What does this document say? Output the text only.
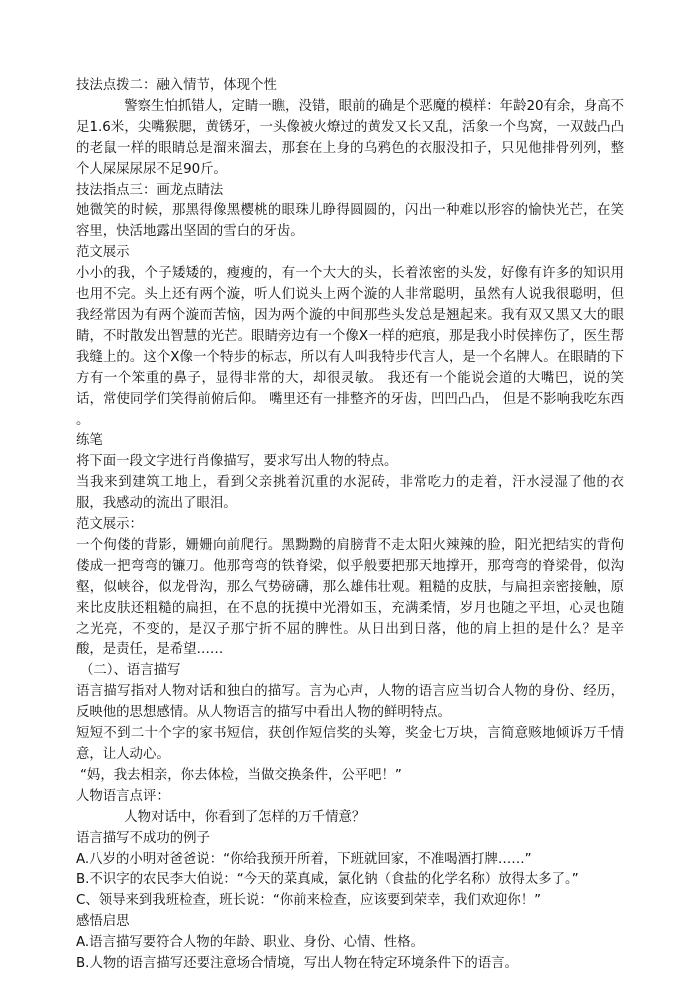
技法点拨二：融入情节，体现个性

警察生怕抓错人，定睛一瞧，没错，眼前的确是个恶魔的模样：年龄20有余，身高不足1.6米，尖嘴猴腮，黄锈牙，一头像被火燎过的黄发又长又乱，活象一个鸟窝，一双鼓凸凸的老鼠一样的眼睛总是溜来溜去，那套在上身的乌鸦色的衣服没扣子，只见他排骨列列，整个人屎屎尿尿不足90斤。

技法指点三：画龙点睛法

她微笑的时候，那黑得像黑樱桃的眼珠儿睁得圆圆的，闪出一种难以形容的愉快光芒，在笑容里，快活地露出坚固的雪白的牙齿。

范文展示

小小的我，个子矮矮的，瘦瘦的，有一个大大的头，长着浓密的头发，好像有许多的知识用也用不完。头上还有两个漩，听人们说头上两个漩的人非常聪明，虽然有人说我很聪明，但我经常因为有两个漩而苦恼，因为两个漩的中间那些头发总是翘起来。我有双又黑又大的眼睛，不时散发出智慧的光芒。眼睛旁边有一个像X一样的疤痕，那是我小时侯摔伤了，医生帮我缝上的。这个X像一个特步的标志，所以有人叫我特步代言人，是一个名牌人。在眼睛的下方有一个笨重的鼻子，显得非常的大，却很灵敏。 我还有一个能说会道的大嘴巴，说的笑话，常使同学们笑得前俯后仰。 嘴里还有一排整齐的牙齿，凹凹凸凸， 但是不影响我吃东西 。

练笔

将下面一段文字进行肖像描写，要求写出人物的特点。

当我来到建筑工地上，看到父亲挑着沉重的水泥砖，非常吃力的走着，汗水浸湿了他的衣服，我感动的流出了眼泪。

范文展示：

一个佝偻的背影，姗姗向前爬行。黑黝黝的肩膀背不走太阳火辣辣的脸，阳光把结实的背佝偻成一把弯弯的镰刀。他那弯弯的铁脊梁，似乎般要把那天地撑开，那弯弯的脊梁骨，似沟壑，似峡谷，似龙骨沟，那么气势磅礴，那么雄伟壮观。粗糙的皮肤，与扁担亲密接触，原来比皮肤还粗糙的扁担，在不息的抚摸中光滑如玉，充满柔情，岁月也随之平坦，心灵也随之光亮，不变的，是汉子那宁折不屈的脾性。从日出到日落，他的肩上担的是什么？是辛酸，是责任，是希望……

（二）、语言描写

语言描写指对人物对话和独白的描写。言为心声，人物的语言应当切合人物的身份、经历，反映他的思想感情。从人物语言的描写中看出人物的鲜明特点。

短短不到二十个字的家书短信，获创作短信奖的头筹，奖金七万块，言简意赅地倾诉万千情意，让人动心。

“妈，我去相亲，你去体检，当做交换条件，公平吧！”

人物语言点评：

人物对话中，你看到了怎样的万千情意？

语言描写不成功的例子

A.八岁的小明对爸爸说：“你给我预开所着，下班就回家，不准喝酒打牌……”

B.不识字的农民李大伯说：“今天的菜真咸，氯化钠（食盐的化学名称）放得太多了。”

C、领导来到我班检查，班长说：“你前来检查，应该要到荣幸，我们欢迎你！”

感悟启思

A.语言描写要符合人物的年龄、职业、身份、心情、性格。

B.人物的语言描写还要注意场合情境，写出人物在特定环境条件下的语言。
